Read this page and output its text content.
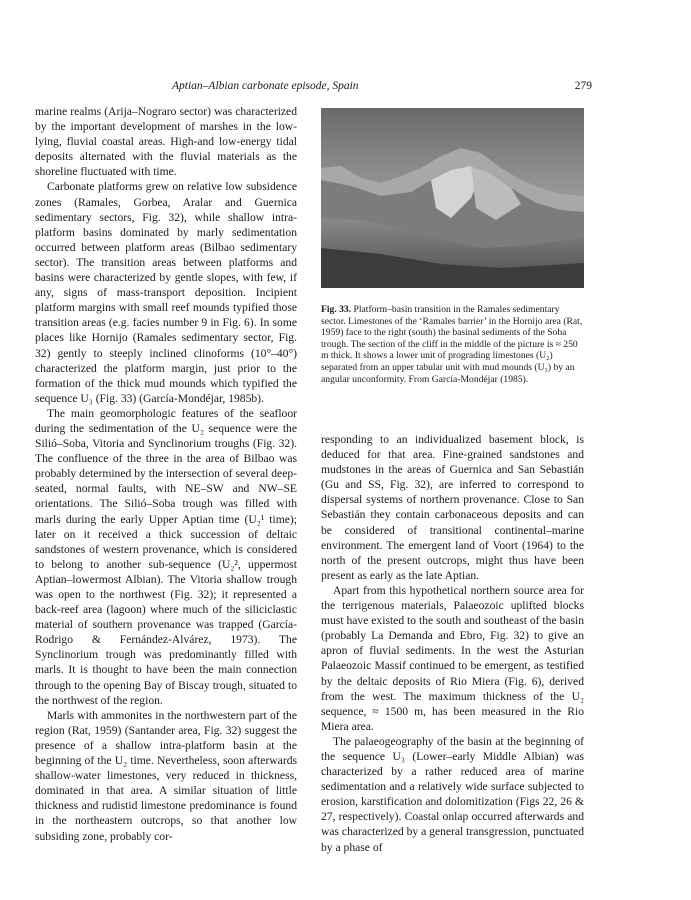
Aptian–Albian carbonate episode, Spain	279

marine realms (Arija–Nograro sector) was characterized by the important development of marshes in the low-lying, fluvial coastal areas. High-and low-energy tidal deposits alternated with the fluvial materials as the shoreline fluctuated with time.

Carbonate platforms grew on relative low subsidence zones (Ramales, Gorbea, Aralar and Guernica sedimentary sectors, Fig. 32), while shallow intra-platform basins dominated by marly sedimentation occurred between platform areas (Bilbao sedimentary sector). The transition areas between platforms and basins were characterized by gentle slopes, with few, if any, signs of mass-transport deposition. Incipient platform margins with small reef mounds typified those transition areas (e.g. facies number 9 in Fig. 6). In some places like Hornijo (Ramales sedimentary sector, Fig. 32) gently to steeply inclined clinoforms (10°–40°) characterized the platform margin, just prior to the formation of the thick mud mounds which typified the sequence U₃ (Fig. 33) (García-Mondéjar, 1985b).

The main geomorphologic features of the seafloor during the sedimentation of the U₂ sequence were the Silió–Soba, Vitoria and Synclinorium troughs (Fig. 32). The confluence of the three in the area of Bilbao was probably determined by the intersection of several deep-seated, normal faults, with NE–SW and NW–SE orientations. The Silió–Soba trough was filled with marls during the early Upper Aptian time (U₂¹ time); later on it received a thick succession of deltaic sandstones of western provenance, which is considered to belong to another sub-sequence (U₂², uppermost Aptian–lowermost Albian). The Vitoria shallow trough was open to the northwest (Fig. 32); it represented a back-reef area (lagoon) where much of the siliciclastic material of southern provenance was trapped (García-Rodrigo & Fernández-Alvárez, 1973). The Synclinorium trough was predominantly filled with marls. It is thought to have been the main connection through to the opening Bay of Biscay trough, situated to the northwest of the region.

Marls with ammonites in the northwestern part of the region (Rat, 1959) (Santander area, Fig. 32) suggest the presence of a shallow intra-platform basin at the beginning of the U₂ time. Nevertheless, soon afterwards shallow-water limestones, very reduced in thickness, dominated in that area. A similar situation of little thickness and rudistid limestone predominance is found in the northeastern outcrops, so that another low subsiding zone, probably cor-

Fig. 33. Platform–basin transition in the Ramales sedimentary sector. Limestones of the ‘Ramales barrier’ in the Hornijo area (Rat, 1959) face to the right (south) the basinal sediments of the Soba trough. The section of the cliff in the middle of the picture is ≈ 250 m thick. It shows a lower unit of prograding limestones (U₂) separated from an upper tabular unit with mud mounds (U₃) by an angular unconformity. From García-Mondéjar (1985).

responding to an individualized basement block, is deduced for that area. Fine-grained sandstones and mudstones in the areas of Guernica and San Sebastián (Gu and SS, Fig. 32), are inferred to correspond to dispersal systems of northern provenance. Close to San Sebastián they contain carbonaceous deposits and can be considered of transitional continental–marine environment. The emergent land of Voort (1964) to the north of the present outcrops, might thus have been present as early as the late Aptian.

Apart from this hypothetical northern source area for the terrigenous materials, Palaeozoic uplifted blocks must have existed to the south and southeast of the basin (probably La Demanda and Ebro, Fig. 32) to give an apron of fluvial sediments. In the west the Asturian Palaeozoic Massif continued to be emergent, as testified by the deltaic deposits of Rio Miera (Fig. 6), derived from the west. The maximum thickness of the U₂ sequence, ≈ 1500 m, has been measured in the Rio Miera area.

The palaeogeography of the basin at the beginning of the sequence U₃ (Lower–early Middle Albian) was characterized by a rather reduced area of marine sedimentation and a relatively wide surface subjected to erosion, karstification and dolomitization (Figs 22, 26 & 27, respectively). Coastal onlap occurred afterwards and was characterized by a general transgression, punctuated by a phase of
